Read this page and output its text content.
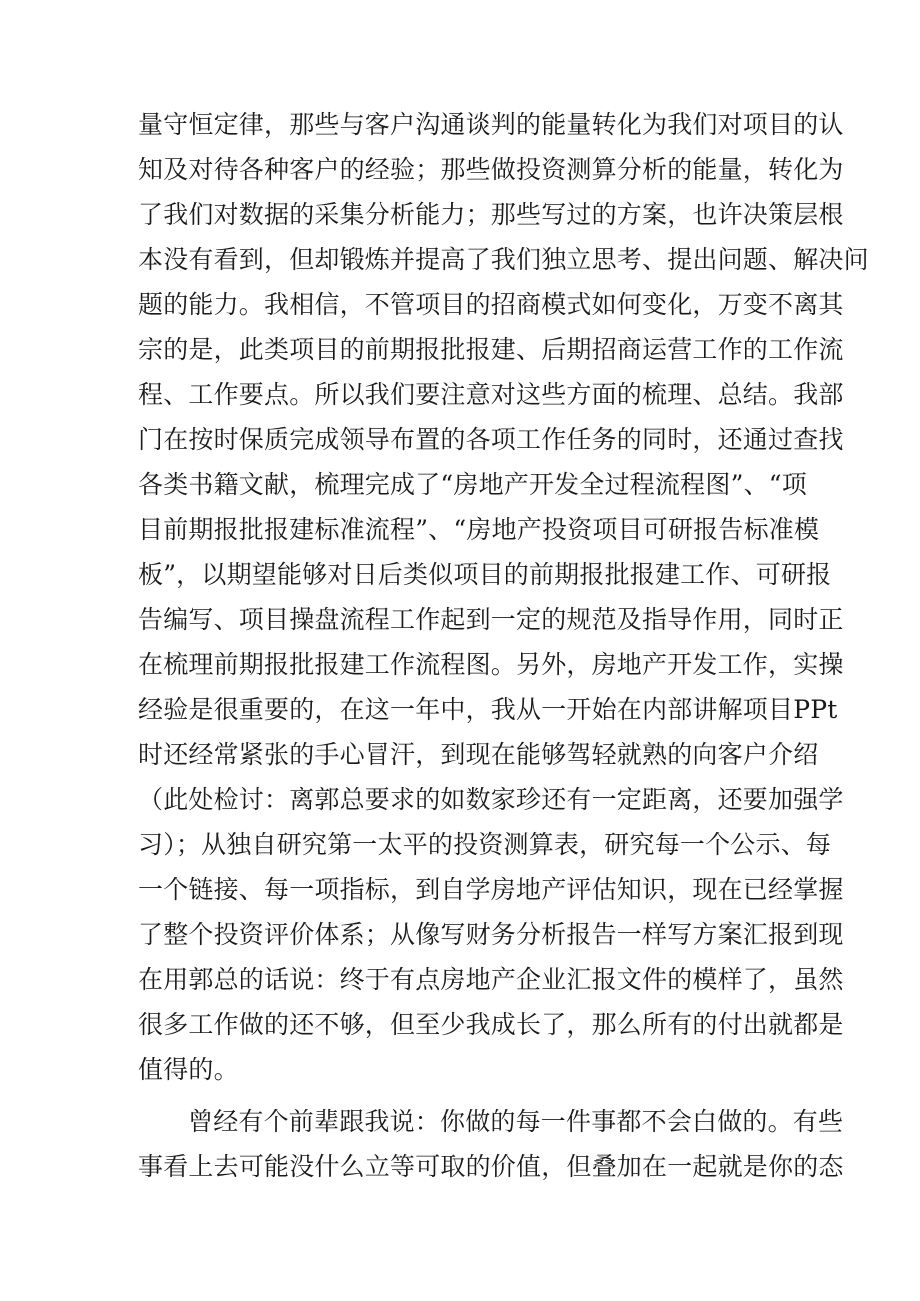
量守恒定律，那些与客户沟通谈判的能量转化为我们对项目的认
知及对待各种客户的经验；那些做投资测算分析的能量，转化为
了我们对数据的采集分析能力；那些写过的方案，也许决策层根
本没有看到，但却锻炼并提高了我们独立思考、提出问题、解决问
题的能力。我相信，不管项目的招商模式如何变化，万变不离其
宗的是，此类项目的前期报批报建、后期招商运营工作的工作流
程、工作要点。所以我们要注意对这些方面的梳理、总结。我部
门在按时保质完成领导布置的各项工作任务的同时，还通过查找
各类书籍文献，梳理完成了“房地产开发全过程流程图”、“项
目前期报批报建标准流程”、“房地产投资项目可研报告标准模
板”，以期望能够对日后类似项目的前期报批报建工作、可研报
告编写、项目操盘流程工作起到一定的规范及指导作用，同时正
在梳理前期报批报建工作流程图。另外，房地产开发工作，实操
经验是很重要的，在这一年中，我从一开始在内部讲解项目PPt
时还经常紧张的手心冒汗，到现在能够驾轻就熟的向客户介绍
（此处检讨：离郭总要求的如数家珍还有一定距离，还要加强学
习）；从独自研究第一太平的投资测算表，研究每一个公示、每
一个链接、每一项指标，到自学房地产评估知识，现在已经掌握
了整个投资评价体系；从像写财务分析报告一样写方案汇报到现
在用郭总的话说：终于有点房地产企业汇报文件的模样了，虽然
很多工作做的还不够，但至少我成长了，那么所有的付出就都是
值得的。
曾经有个前辈跟我说：你做的每一件事都不会白做的。有些
事看上去可能没什么立等可取的价值，但叠加在一起就是你的态
